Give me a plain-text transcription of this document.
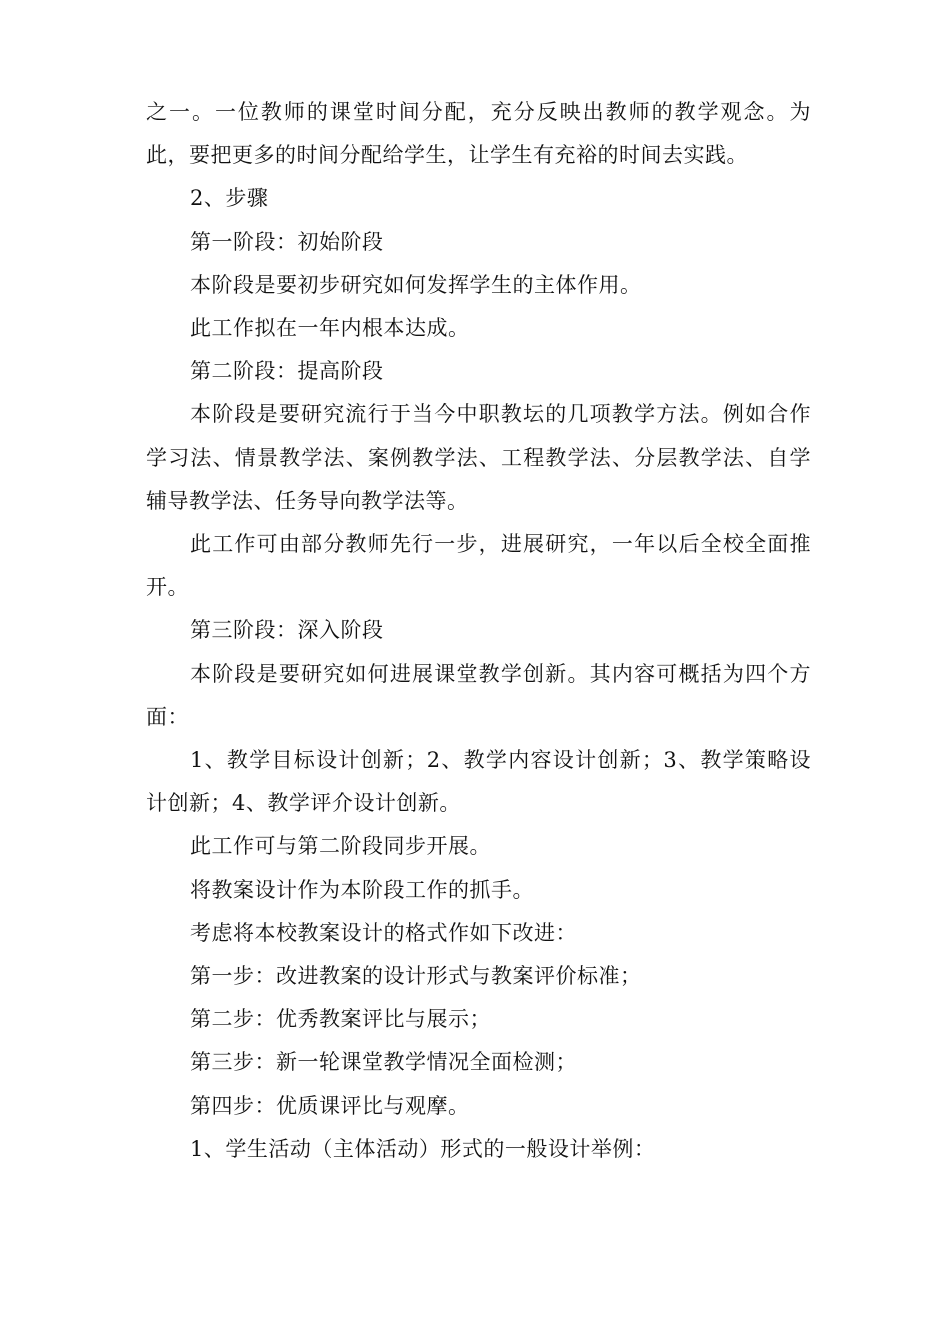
之一。一位教师的课堂时间分配，充分反映出教师的教学观念。为此，要把更多的时间分配给学生，让学生有充裕的时间去实践。

2、步骤

第一阶段：初始阶段

本阶段是要初步研究如何发挥学生的主体作用。

此工作拟在一年内根本达成。

第二阶段：提高阶段

本阶段是要研究流行于当今中职教坛的几项教学方法。例如合作学习法、情景教学法、案例教学法、工程教学法、分层教学法、自学辅导教学法、任务导向教学法等。

此工作可由部分教师先行一步，进展研究，一年以后全校全面推开。

第三阶段：深入阶段

本阶段是要研究如何进展课堂教学创新。其内容可概括为四个方面：

1、教学目标设计创新；2、教学内容设计创新；3、教学策略设计创新；4、教学评介设计创新。

此工作可与第二阶段同步开展。

将教案设计作为本阶段工作的抓手。

考虑将本校教案设计的格式作如下改进：

第一步：改进教案的设计形式与教案评价标准；

第二步：优秀教案评比与展示；

第三步：新一轮课堂教学情况全面检测；

第四步：优质课评比与观摩。

1、学生活动（主体活动）形式的一般设计举例：
